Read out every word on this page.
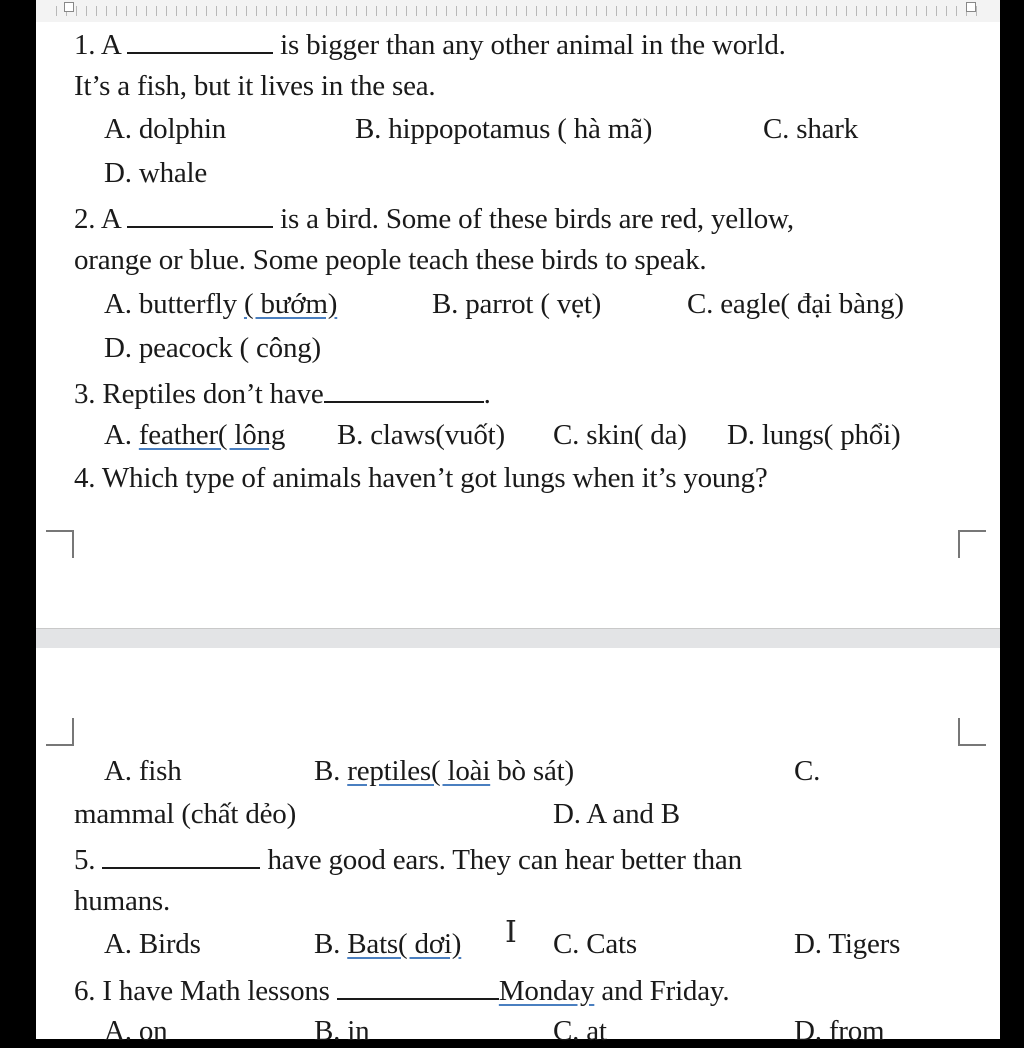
1. A	is bigger than any other animal in the world.
It’s a fish, but it lives in the sea.
A. dolphin	B. hippopotamus ( hà mã)	C. shark
D. whale
2. A	is a bird. Some of these birds are red, yellow,
orange or blue. Some people teach these birds to speak.
A. butterfly ( bướm)	B. parrot ( vẹt)	C. eagle( đại bàng)
D. peacock ( công)
3. Reptiles don’t have	.
A. feather( lông B. claws(vuốt) C. skin( da) D. lungs( phổi)
4. Which type of animals haven’t got lungs when it’s young?
A. fish	B. reptiles( loài bò sát)	C.
mammal (chất dẻo)	D. A and B
5.	have good ears. They can hear better than
humans.
A. Birds	B. Bats( dơi) I C. Cats	D. Tigers
6. I have Math lessons	Monday and Friday.
A. on	B. in	C. at	D. from
